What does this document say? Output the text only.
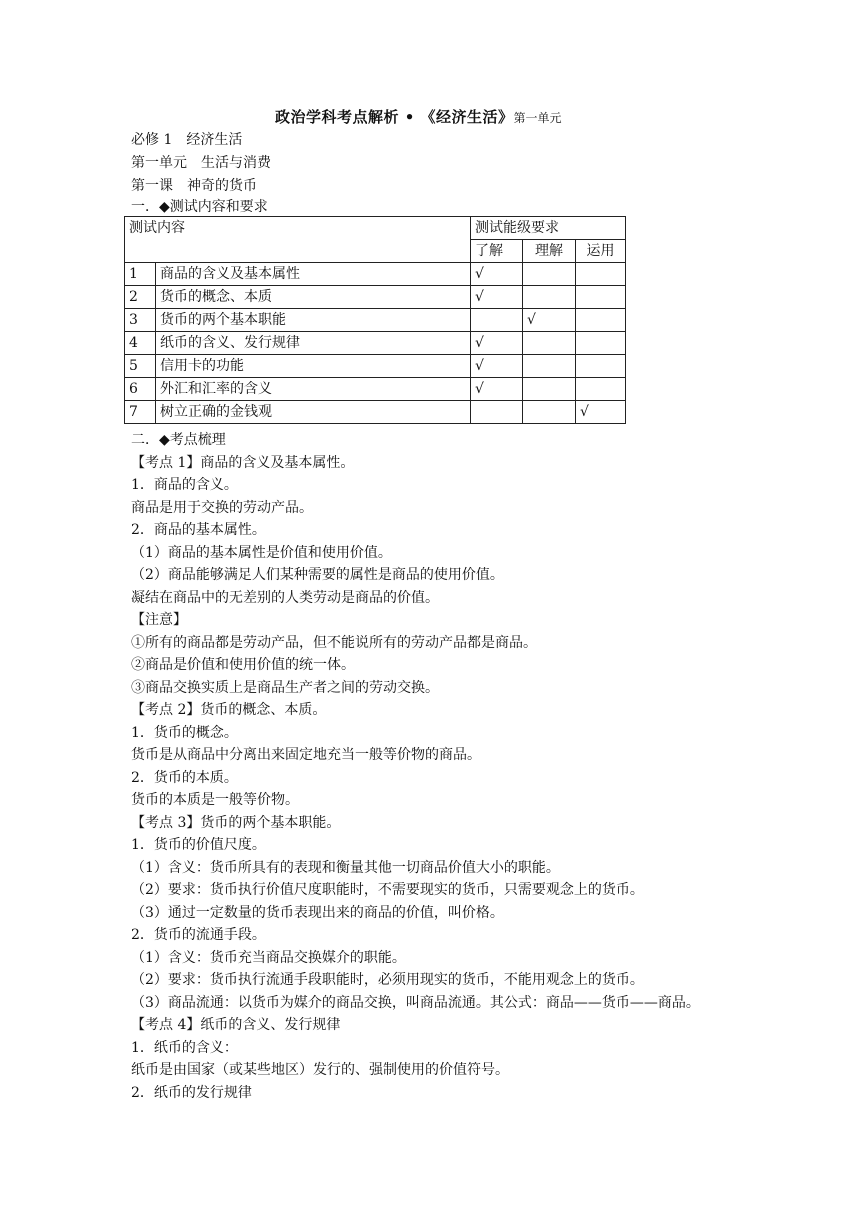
政治学科考点解析 • 《经济生活》第一单元
必修 1　经济生活
第一单元　生活与消费
第一课　神奇的货币
一．◆测试内容和要求
测试内容		测试能级要求		
		了解	理解	运用
1	商品的含义及基本属性	√		
2	货币的概念、本质	√		
3	货币的两个基本职能		√	
4	纸币的含义、发行规律	√		
5	信用卡的功能	√		
6	外汇和汇率的含义	√		
7	树立正确的金钱观			√
二．◆考点梳理
【考点 1】商品的含义及基本属性。
1．商品的含义。
商品是用于交换的劳动产品。
2．商品的基本属性。
（1）商品的基本属性是价值和使用价值。
（2）商品能够满足人们某种需要的属性是商品的使用价值。
凝结在商品中的无差别的人类劳动是商品的价值。
【注意】
①所有的商品都是劳动产品，但不能说所有的劳动产品都是商品。
②商品是价值和使用价值的统一体。
③商品交换实质上是商品生产者之间的劳动交换。
【考点 2】货币的概念、本质。
1．货币的概念。
货币是从商品中分离出来固定地充当一般等价物的商品。
2．货币的本质。
货币的本质是一般等价物。
【考点 3】货币的两个基本职能。
1．货币的价值尺度。
（1）含义：货币所具有的表现和衡量其他一切商品价值大小的职能。
（2）要求：货币执行价值尺度职能时，不需要现实的货币，只需要观念上的货币。
（3）通过一定数量的货币表现出来的商品的价值，叫价格。
2．货币的流通手段。
（1）含义：货币充当商品交换媒介的职能。
（2）要求：货币执行流通手段职能时，必须用现实的货币，不能用观念上的货币。
（3）商品流通：以货币为媒介的商品交换，叫商品流通。其公式：商品——货币——商品。
【考点 4】纸币的含义、发行规律
1．纸币的含义：
纸币是由国家（或某些地区）发行的、强制使用的价值符号。
2．纸币的发行规律
